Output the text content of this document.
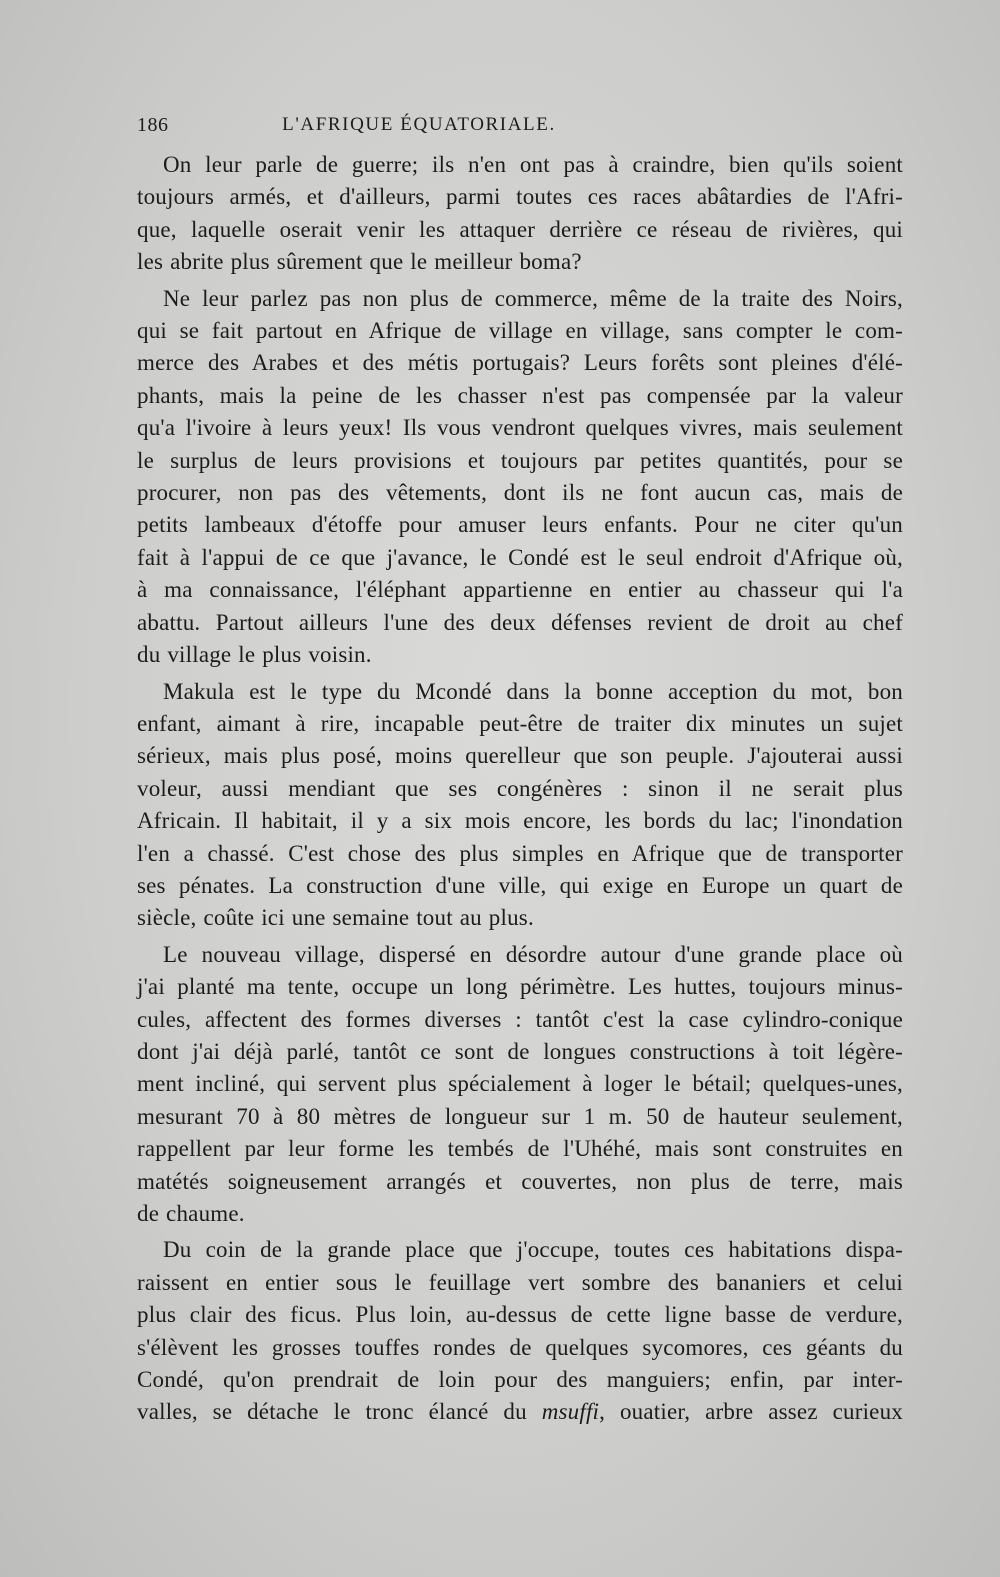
186	L'AFRIQUE ÉQUATORIALE.

On leur parle de guerre; ils n'en ont pas à craindre, bien qu'ils soient
toujours armés, et d'ailleurs, parmi toutes ces races abâtardies de l'Afri-
que, laquelle oserait venir les attaquer derrière ce réseau de rivières, qui
les abrite plus sûrement que le meilleur boma?

Ne leur parlez pas non plus de commerce, même de la traite des Noirs,
qui se fait partout en Afrique de village en village, sans compter le com-
merce des Arabes et des métis portugais? Leurs forêts sont pleines d'élé-
phants, mais la peine de les chasser n'est pas compensée par la valeur
qu'a l'ivoire à leurs yeux! Ils vous vendront quelques vivres, mais seulement
le surplus de leurs provisions et toujours par petites quantités, pour se
procurer, non pas des vêtements, dont ils ne font aucun cas, mais de
petits lambeaux d'étoffe pour amuser leurs enfants. Pour ne citer qu'un
fait à l'appui de ce que j'avance, le Condé est le seul endroit d'Afrique où,
à ma connaissance, l'éléphant appartienne en entier au chasseur qui l'a
abattu. Partout ailleurs l'une des deux défenses revient de droit au chef
du village le plus voisin.

Makula est le type du Mcondé dans la bonne acception du mot, bon
enfant, aimant à rire, incapable peut-être de traiter dix minutes un sujet
sérieux, mais plus posé, moins querelleur que son peuple. J'ajouterai aussi
voleur, aussi mendiant que ses congénères : sinon il ne serait plus
Africain. Il habitait, il y a six mois encore, les bords du lac; l'inondation
l'en a chassé. C'est chose des plus simples en Afrique que de transporter
ses pénates. La construction d'une ville, qui exige en Europe un quart de
siècle, coûte ici une semaine tout au plus.

Le nouveau village, dispersé en désordre autour d'une grande place où
j'ai planté ma tente, occupe un long périmètre. Les huttes, toujours minus-
cules, affectent des formes diverses : tantôt c'est la case cylindro-conique
dont j'ai déjà parlé, tantôt ce sont de longues constructions à toit légère-
ment incliné, qui servent plus spécialement à loger le bétail; quelques-unes,
mesurant 70 à 80 mètres de longueur sur 1 m. 50 de hauteur seulement,
rappellent par leur forme les tembés de l'Uhéhé, mais sont construites en
matétés soigneusement arrangés et couvertes, non plus de terre, mais
de chaume.

Du coin de la grande place que j'occupe, toutes ces habitations dispa-
raissent en entier sous le feuillage vert sombre des bananiers et celui
plus clair des ficus. Plus loin, au-dessus de cette ligne basse de verdure,
s'élèvent les grosses touffes rondes de quelques sycomores, ces géants du
Condé, qu'on prendrait de loin pour des manguiers; enfin, par inter-
valles, se détache le tronc élancé du msuffi, ouatier, arbre assez curieux
